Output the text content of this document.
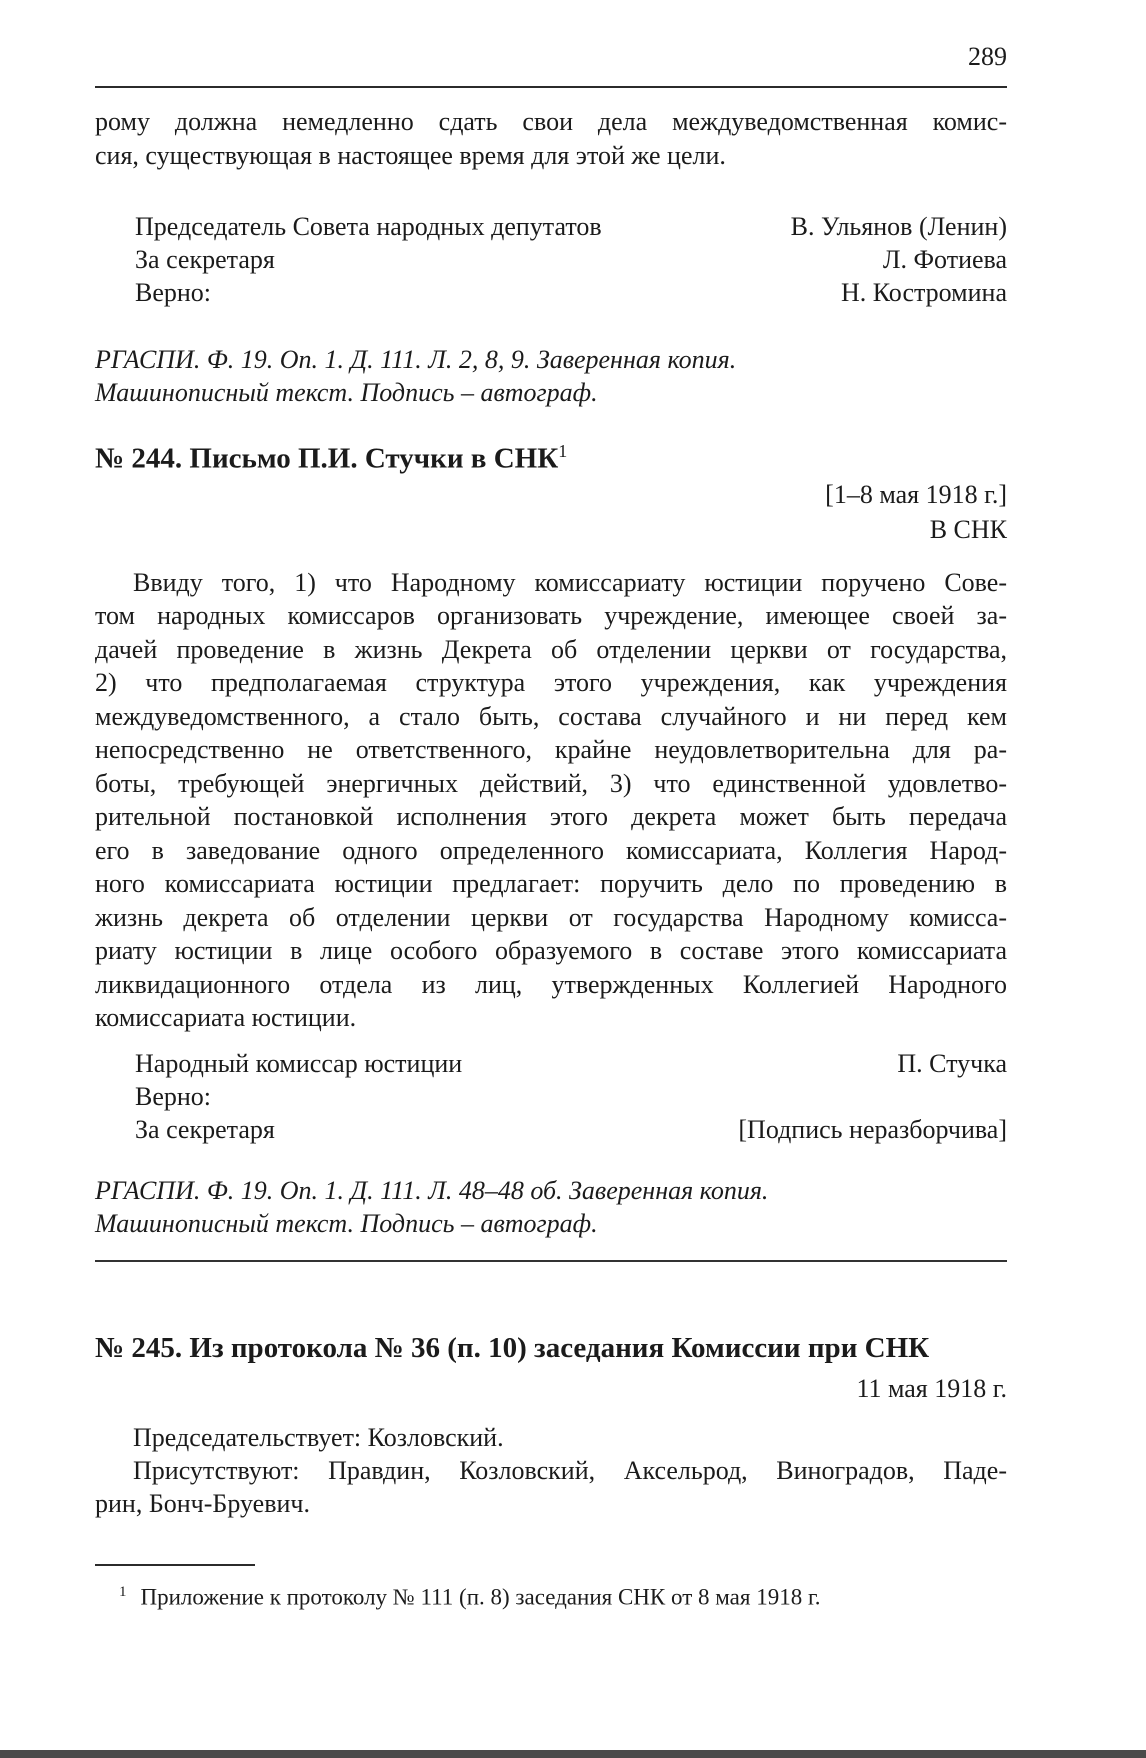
289
рому должна немедленно сдать свои дела междуведомственная комис-
сия, существующая в настоящее время для этой же цели.
Председатель Совета народных депутатов	В. Ульянов (Ленин)
За секретаря	Л. Фотиева
Верно:	Н. Костромина
РГАСПИ. Ф. 19. Оп. 1. Д. 111. Л. 2, 8, 9. Заверенная копия.
Машинописный текст. Подпись – автограф.
№ 244. Письмо П.И. Стучки в СНК$^1$
[1–8 мая 1918 г.]
В СНК
Ввиду того, 1) что Народному комиссариату юстиции поручено Сове-
том народных комиссаров организовать учреждение, имеющее своей за-
дачей проведение в жизнь Декрета об отделении церкви от государства,
2) что предполагаемая структура этого учреждения, как учреждения
междуведомственного, а стало быть, состава случайного и ни перед кем
непосредственно не ответственного, крайне неудовлетворительна для ра-
боты, требующей энергичных действий, 3) что единственной удовлетво-
рительной постановкой исполнения этого декрета может быть передача
его в заведование одного определенного комиссариата, Коллегия Народ-
ного комиссариата юстиции предлагает: поручить дело по проведению в
жизнь декрета об отделении церкви от государства Народному комисса-
риату юстиции в лице особого образуемого в составе этого комиссариата
ликвидационного отдела из лиц, утвержденных Коллегией Народного
комиссариата юстиции.
Народный комиссар юстиции	П. Стучка
Верно:
За секретаря	[Подпись неразборчива]
РГАСПИ. Ф. 19. Оп. 1. Д. 111. Л. 48–48 об. Заверенная копия.
Машинописный текст. Подпись – автограф.
№ 245. Из протокола № 36 (п. 10) заседания Комиссии при СНК
11 мая 1918 г.
Председательствует: Козловский.
Присутствуют: Правдин, Козловский, Аксельрод, Виноградов, Паде-
рин, Бонч-Бруевич.
$^1$ Приложение к протоколу № 111 (п. 8) заседания СНК от 8 мая 1918 г.
